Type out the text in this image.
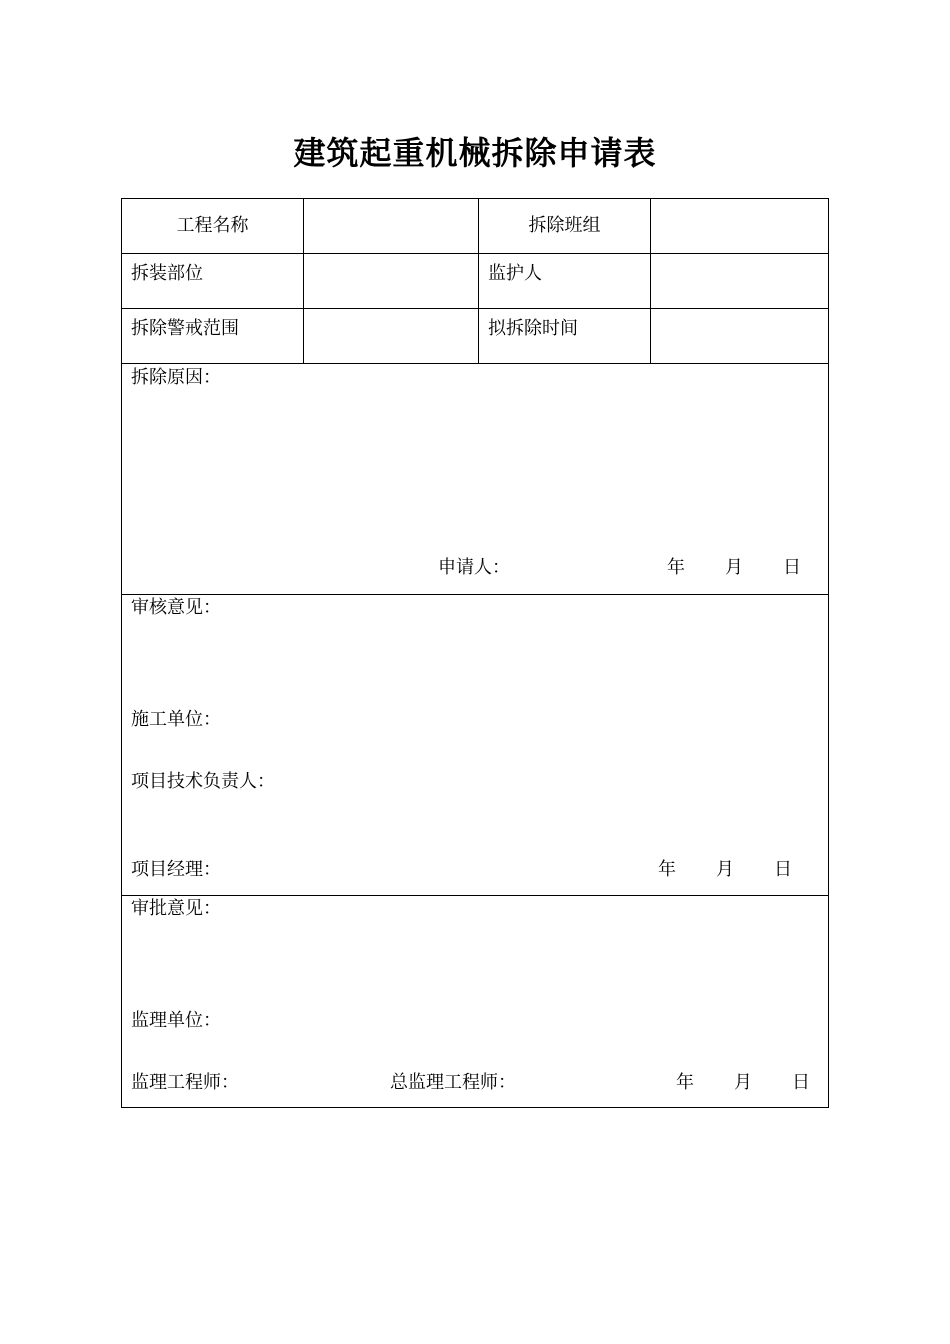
建筑起重机械拆除申请表
工程名称	拆除班组
拆装部位	监护人
拆除警戒范围	拟拆除时间
拆除原因：
申请人：	年 月 日
审核意见：
施工单位：
项目技术负责人：
项目经理：	年 月 日
审批意见：
监理单位：
监理工程师：	总监理工程师：	年 月 日
